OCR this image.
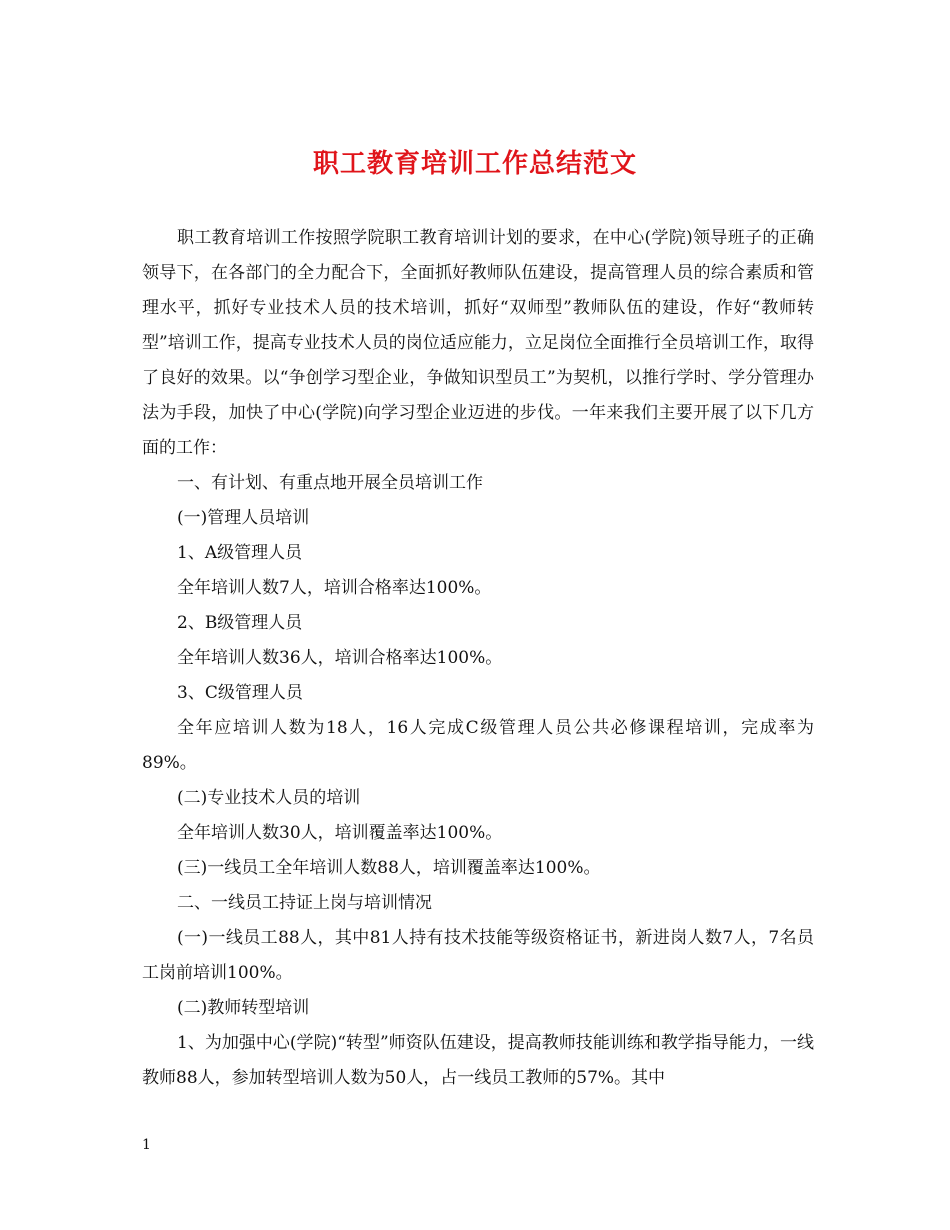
职工教育培训工作总结范文

职工教育培训工作按照学院职工教育培训计划的要求，在中心(学院)领导班子的正确领导下，在各部门的全力配合下，全面抓好教师队伍建设，提高管理人员的综合素质和管理水平，抓好专业技术人员的技术培训，抓好“双师型”教师队伍的建设，作好“教师转型”培训工作，提高专业技术人员的岗位适应能力，立足岗位全面推行全员培训工作，取得了良好的效果。以“争创学习型企业，争做知识型员工”为契机，以推行学时、学分管理办法为手段，加快了中心(学院)向学习型企业迈进的步伐。一年来我们主要开展了以下几方面的工作：

一、有计划、有重点地开展全员培训工作

(一)管理人员培训

1、A级管理人员

全年培训人数7人，培训合格率达100%。

2、B级管理人员

全年培训人数36人，培训合格率达100%。

3、C级管理人员

全年应培训人数为18人，16人完成C级管理人员公共必修课程培训，完成率为89%。

(二)专业技术人员的培训

全年培训人数30人，培训覆盖率达100%。

(三)一线员工全年培训人数88人，培训覆盖率达100%。

二、一线员工持证上岗与培训情况

(一)一线员工88人，其中81人持有技术技能等级资格证书，新进岗人数7人，7名员工岗前培训100%。

(二)教师转型培训

1、为加强中心(学院)“转型”师资队伍建设，提高教师技能训练和教学指导能力，一线教师88人，参加转型培训人数为50人，占一线员工教师的57%。其中

1
